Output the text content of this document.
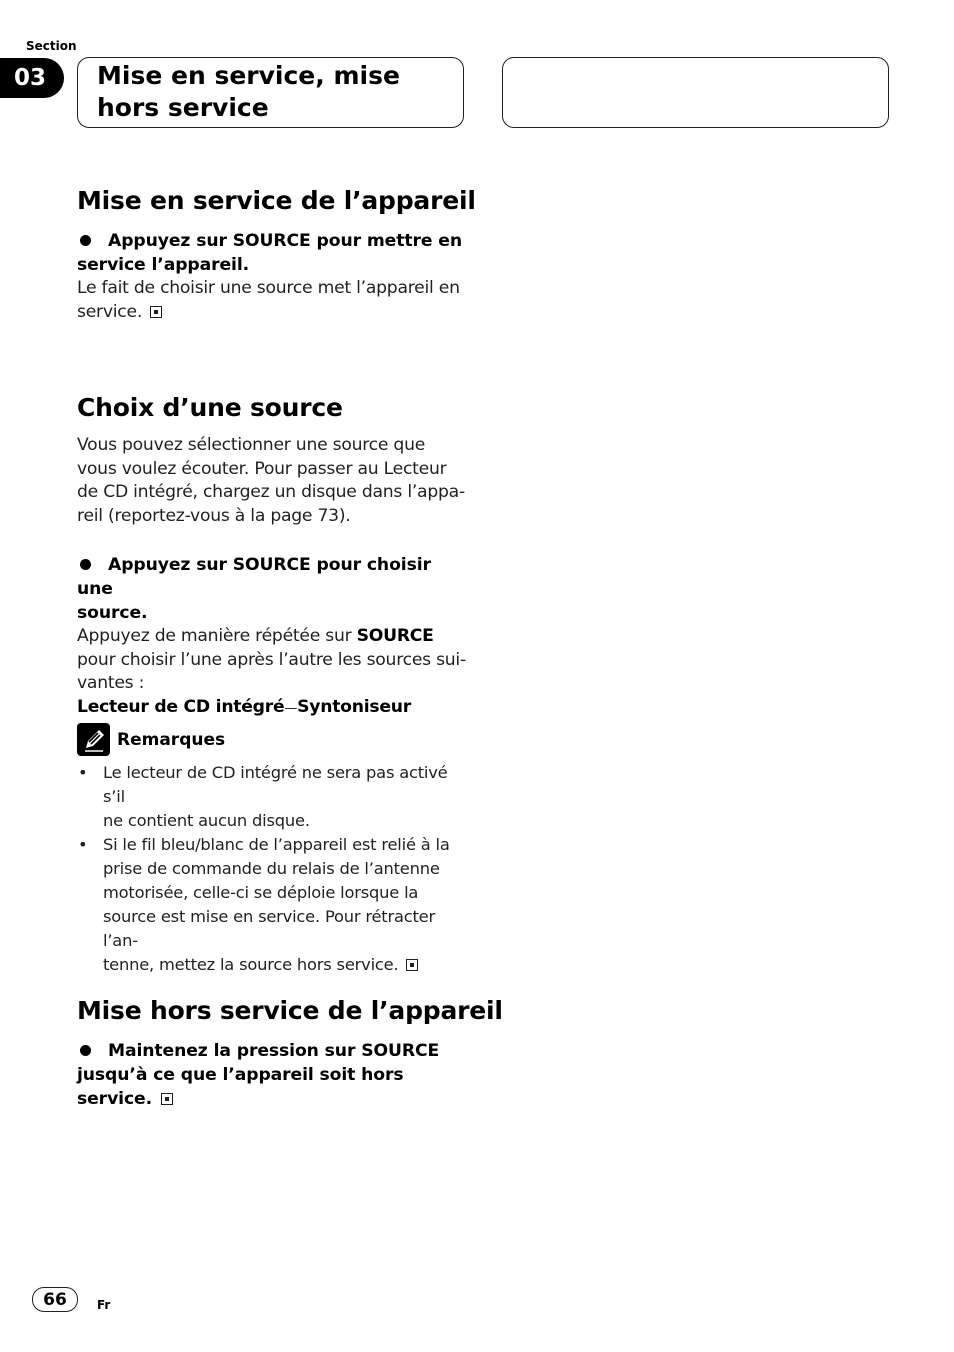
Section
03	Mise en service, mise
hors service
Mise en service de l’appareil

Appuyez sur SOURCE pour mettre en

service l’appareil.

Le fait de choisir une source met l’appareil en

service.

Choix d’une source

Vous pouvez sélectionner une source que

vous voulez écouter. Pour passer au Lecteur

de CD intégré, chargez un disque dans l’appa-

reil (reportez-vous à la page 73).

Appuyez sur SOURCE pour choisir une

source.

Appuyez de manière répétée sur SOURCE

pour choisir l’une après l’autre les sources sui-

vantes :

Lecteur de CD intégré—Syntoniseur

Remarques
• Le lecteur de CD intégré ne sera pas activé s’il
ne contient aucun disque.
• Si le fil bleu/blanc de l’appareil est relié à la
prise de commande du relais de l’antenne
motorisée, celle-ci se déploie lorsque la
source est mise en service. Pour rétracter l’an-
tenne, mettez la source hors service.
Mise hors service de l’appareil

Maintenez la pression sur SOURCE

jusqu’à ce que l’appareil soit hors

service.

66	Fr
